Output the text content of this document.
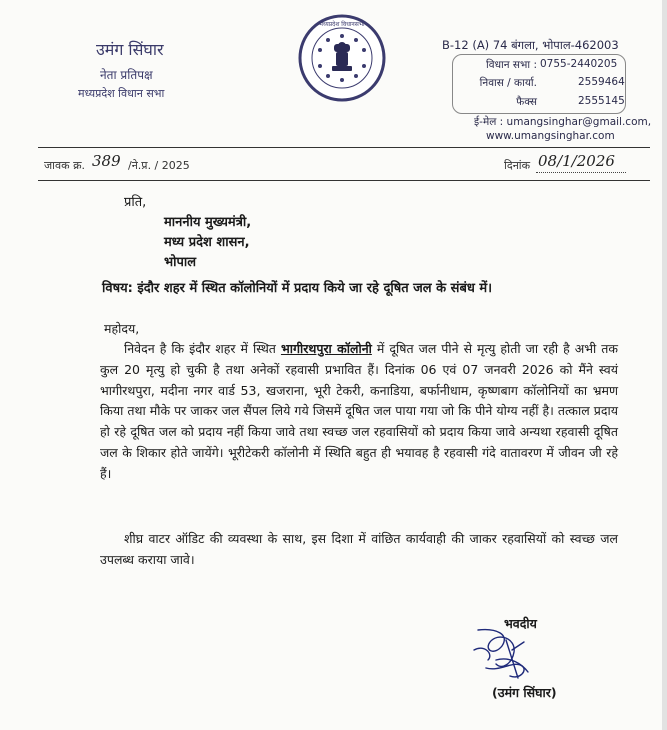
उमंग सिंघार
नेता प्रतिपक्ष
मध्यप्रदेश विधान सभा
मध्यप्रदेश विधानसभा
B-12 (A) 74 बंगला, भोपाल-462003
विधान सभा : 0755-2440205
निवास / कार्या.	2559464
फैक्स	2555145
ई-मेल : umangsinghar@gmail.com,
www.umangsinghar.com
जावक क्र. 389 /ने.प्र. / 2025	दिनांक 08/1/2026
प्रति,
माननीय मुख्यमंत्री,
मध्य प्रदेश शासन,
भोपाल
विषय: इंदौर शहर में स्थित कॉलोनियों में प्रदाय किये जा रहे दूषित जल के संबंध में।
महोदय,
निवेदन है कि इंदौर शहर में स्थित भागीरथपुरा कॉलोनी में दूषित जल पीने से मृत्यु होती जा रही है अभी तक कुल 20 मृत्यु हो चुकी है तथा अनेकों रहवासी प्रभावित हैं। दिनांक 06 एवं 07 जनवरी 2026 को मैंने स्वयं भागीरथपुरा, मदीना नगर वार्ड 53, खजराना, भूरी टेकरी, कनाडिया, बर्फानीधाम, कृष्णबाग कॉलोनियों का भ्रमण किया तथा मौके पर जाकर जल सैंपल लिये गये जिसमें दूषित जल पाया गया जो कि पीने योग्य नहीं है। तत्काल प्रदाय हो रहे दूषित जल को प्रदाय नहीं किया जावे तथा स्वच्छ जल रहवासियों को प्रदाय किया जावे अन्यथा रहवासी दूषित जल के शिकार होते जायेंगे। भूरीटेकरी कॉलोनी में स्थिति बहुत ही भयावह है रहवासी गंदे वातावरण में जीवन जी रहे हैं।
शीघ्र वाटर ऑडिट की व्यवस्था के साथ, इस दिशा में वांछित कार्यवाही की जाकर रहवासियों को स्वच्छ जल उपलब्ध कराया जावे।
भवदीय
(उमंग सिंघार)
